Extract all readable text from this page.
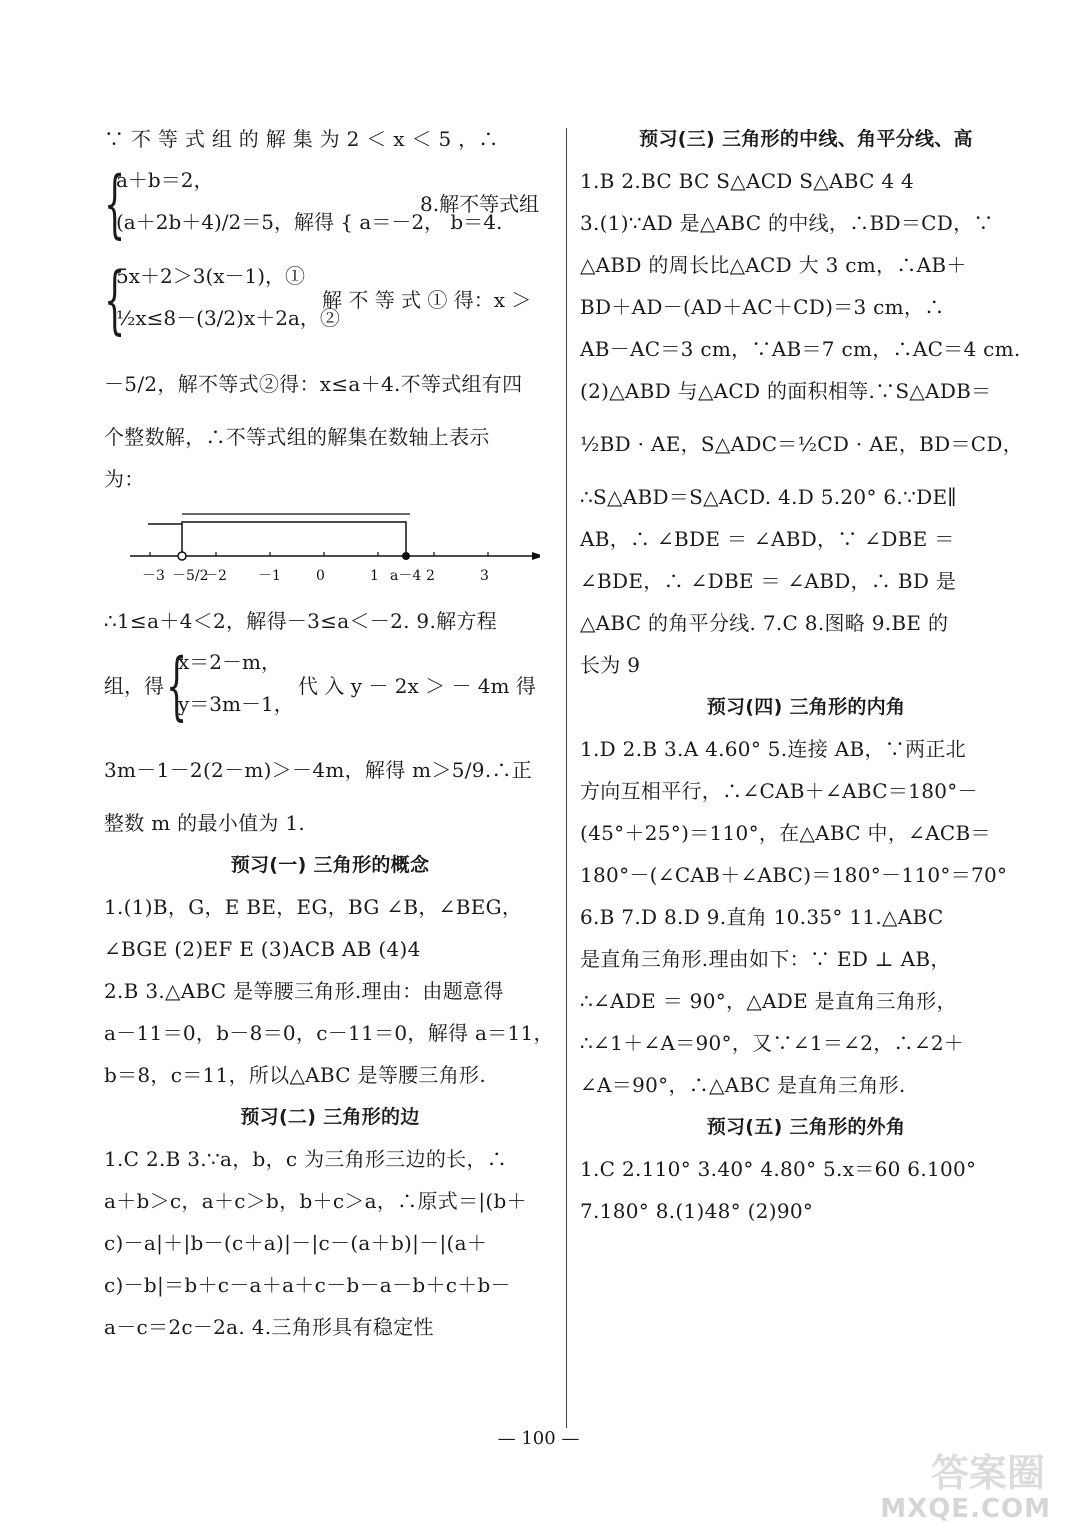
∵ 不 等 式 组 的 解 集 为 2 ＜ x ＜ 5 ，∴
{
a＋b＝2，
(a＋2b＋4)/2＝5，解得 { a＝－2， b＝4.
8.解不等式组
{
5x＋2＞3(x－1)，①
½x≤8－(3/2)x＋2a，②
解 不 等 式 ① 得：x ＞
－5/2，解不等式②得：x≤a＋4.不等式组有四
个整数解，∴不等式组的解集在数轴上表示
为：
－3 －5/2
－2 －1	0	1 a－4 2	3
∴1≤a＋4＜2，解得－3≤a＜－2. 9.解方程
组，得 {
x＝2－m，
y＝3m－1，
代 入 y － 2x ＞ － 4m 得
3m－1－2(2－m)＞－4m，解得 m＞5/9.∴正
整数 m 的最小值为 1.
预习(一) 三角形的概念
1.(1)B，G，E BE，EG，BG ∠B，∠BEG，
∠BGE (2)EF E (3)ACB AB (4)4
2.B 3.△ABC 是等腰三角形.理由：由题意得
a－11＝0，b－8＝0，c－11＝0，解得 a＝11，
b＝8，c＝11，所以△ABC 是等腰三角形.
预习(二) 三角形的边
1.C 2.B 3.∵a，b，c 为三角形三边的长，∴
a＋b＞c，a＋c＞b，b＋c＞a，∴原式＝|(b＋
c)－a|＋|b－(c＋a)|－|c－(a＋b)|－|(a＋
c)－b|＝b＋c－a＋a＋c－b－a－b＋c＋b－
a－c＝2c－2a. 4.三角形具有稳定性
预习(三) 三角形的中线、角平分线、高
1.B 2.BC BC S△ACD S△ABC 4 4
3.(1)∵AD 是△ABC 的中线，∴BD＝CD，∵
△ABD 的周长比△ACD 大 3 cm，∴AB＋
BD＋AD－(AD＋AC＋CD)＝3 cm，∴
AB－AC＝3 cm，∵AB＝7 cm，∴AC＝4 cm.
(2)△ABD 与△ACD 的面积相等.∵S△ADB＝
½BD · AE，S△ADC＝½CD · AE，BD＝CD，
∴S△ABD＝S△ACD. 4.D 5.20° 6.∵DE∥
AB，∴ ∠BDE ＝ ∠ABD，∵ ∠DBE ＝
∠BDE，∴ ∠DBE ＝ ∠ABD，∴ BD 是
△ABC 的角平分线. 7.C 8.图略 9.BE 的
长为 9
预习(四) 三角形的内角
1.D 2.B 3.A 4.60° 5.连接 AB，∵两正北
方向互相平行，∴∠CAB＋∠ABC＝180°－
(45°＋25°)＝110°，在△ABC 中，∠ACB＝
180°－(∠CAB＋∠ABC)＝180°－110°＝70°
6.B 7.D 8.D 9.直角 10.35° 11.△ABC
是直角三角形.理由如下：∵ ED ⊥ AB，
∴∠ADE ＝ 90°，△ADE 是直角三角形，
∴∠1＋∠A＝90°，又∵∠1＝∠2，∴∠2＋
∠A＝90°，∴△ABC 是直角三角形.
预习(五) 三角形的外角
1.C 2.110° 3.40° 4.80° 5.x＝60 6.100°
7.180° 8.(1)48° (2)90°
— 100 —
答案圈
MXQE.COM
